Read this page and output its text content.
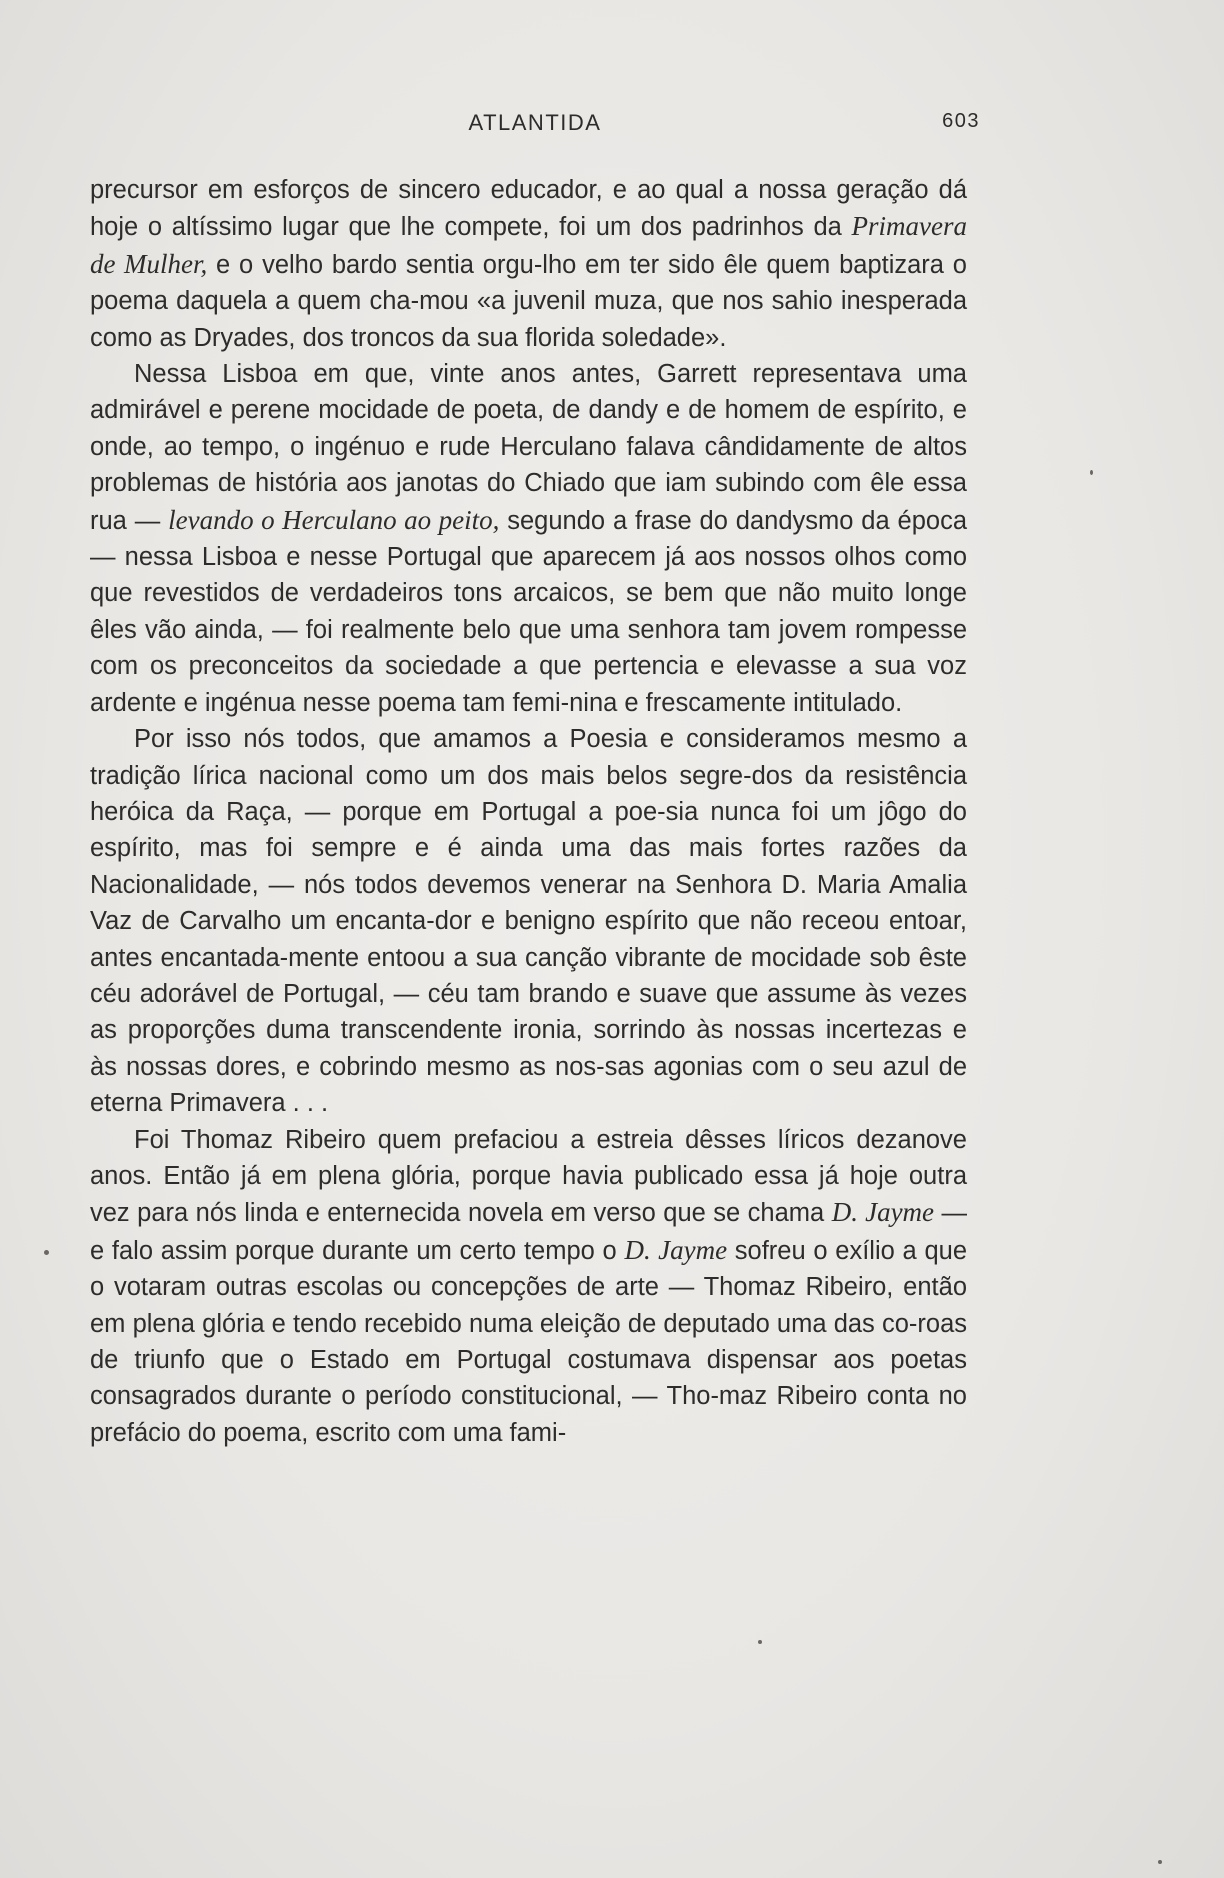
ATLANTIDA	603

precursor em esforços de sincero educador, e ao qual a nossa geração dá hoje o altíssimo lugar que lhe compete, foi um dos padrinhos da Primavera de Mulher, e o velho bardo sentia orgu-lho em ter sido êle quem baptizara o poema daquela a quem cha-mou «a juvenil muza, que nos sahio inesperada como as Dryades, dos troncos da sua florida soledade».

Nessa Lisboa em que, vinte anos antes, Garrett representava uma admirável e perene mocidade de poeta, de dandy e de homem de espírito, e onde, ao tempo, o ingénuo e rude Herculano falava cândidamente de altos problemas de história aos janotas do Chiado que iam subindo com êle essa rua — levando o Herculano ao peito, segundo a frase do dandysmo da época — nessa Lisboa e nesse Portugal que aparecem já aos nossos olhos como que revestidos de verdadeiros tons arcaicos, se bem que não muito longe êles vão ainda, — foi realmente belo que uma senhora tam jovem rompesse com os preconceitos da sociedade a que pertencia e elevasse a sua voz ardente e ingénua nesse poema tam femi-nina e frescamente intitulado.

Por isso nós todos, que amamos a Poesia e consideramos mesmo a tradição lírica nacional como um dos mais belos segre-dos da resistência heróica da Raça, — porque em Portugal a poe-sia nunca foi um jôgo do espírito, mas foi sempre e é ainda uma das mais fortes razões da Nacionalidade, — nós todos devemos venerar na Senhora D. Maria Amalia Vaz de Carvalho um encanta-dor e benigno espírito que não receou entoar, antes encantada-mente entoou a sua canção vibrante de mocidade sob êste céu adorável de Portugal, — céu tam brando e suave que assume às vezes as proporções duma transcendente ironia, sorrindo às nossas incertezas e às nossas dores, e cobrindo mesmo as nos-sas agonias com o seu azul de eterna Primavera . . .

Foi Thomaz Ribeiro quem prefaciou a estreia dêsses líricos dezanove anos. Então já em plena glória, porque havia publicado essa já hoje outra vez para nós linda e enternecida novela em verso que se chama D. Jayme — e falo assim porque durante um certo tempo o D. Jayme sofreu o exílio a que o votaram outras escolas ou concepções de arte — Thomaz Ribeiro, então em plena glória e tendo recebido numa eleição de deputado uma das co-roas de triunfo que o Estado em Portugal costumava dispensar aos poetas consagrados durante o período constitucional, — Tho-maz Ribeiro conta no prefácio do poema, escrito com uma fami-
